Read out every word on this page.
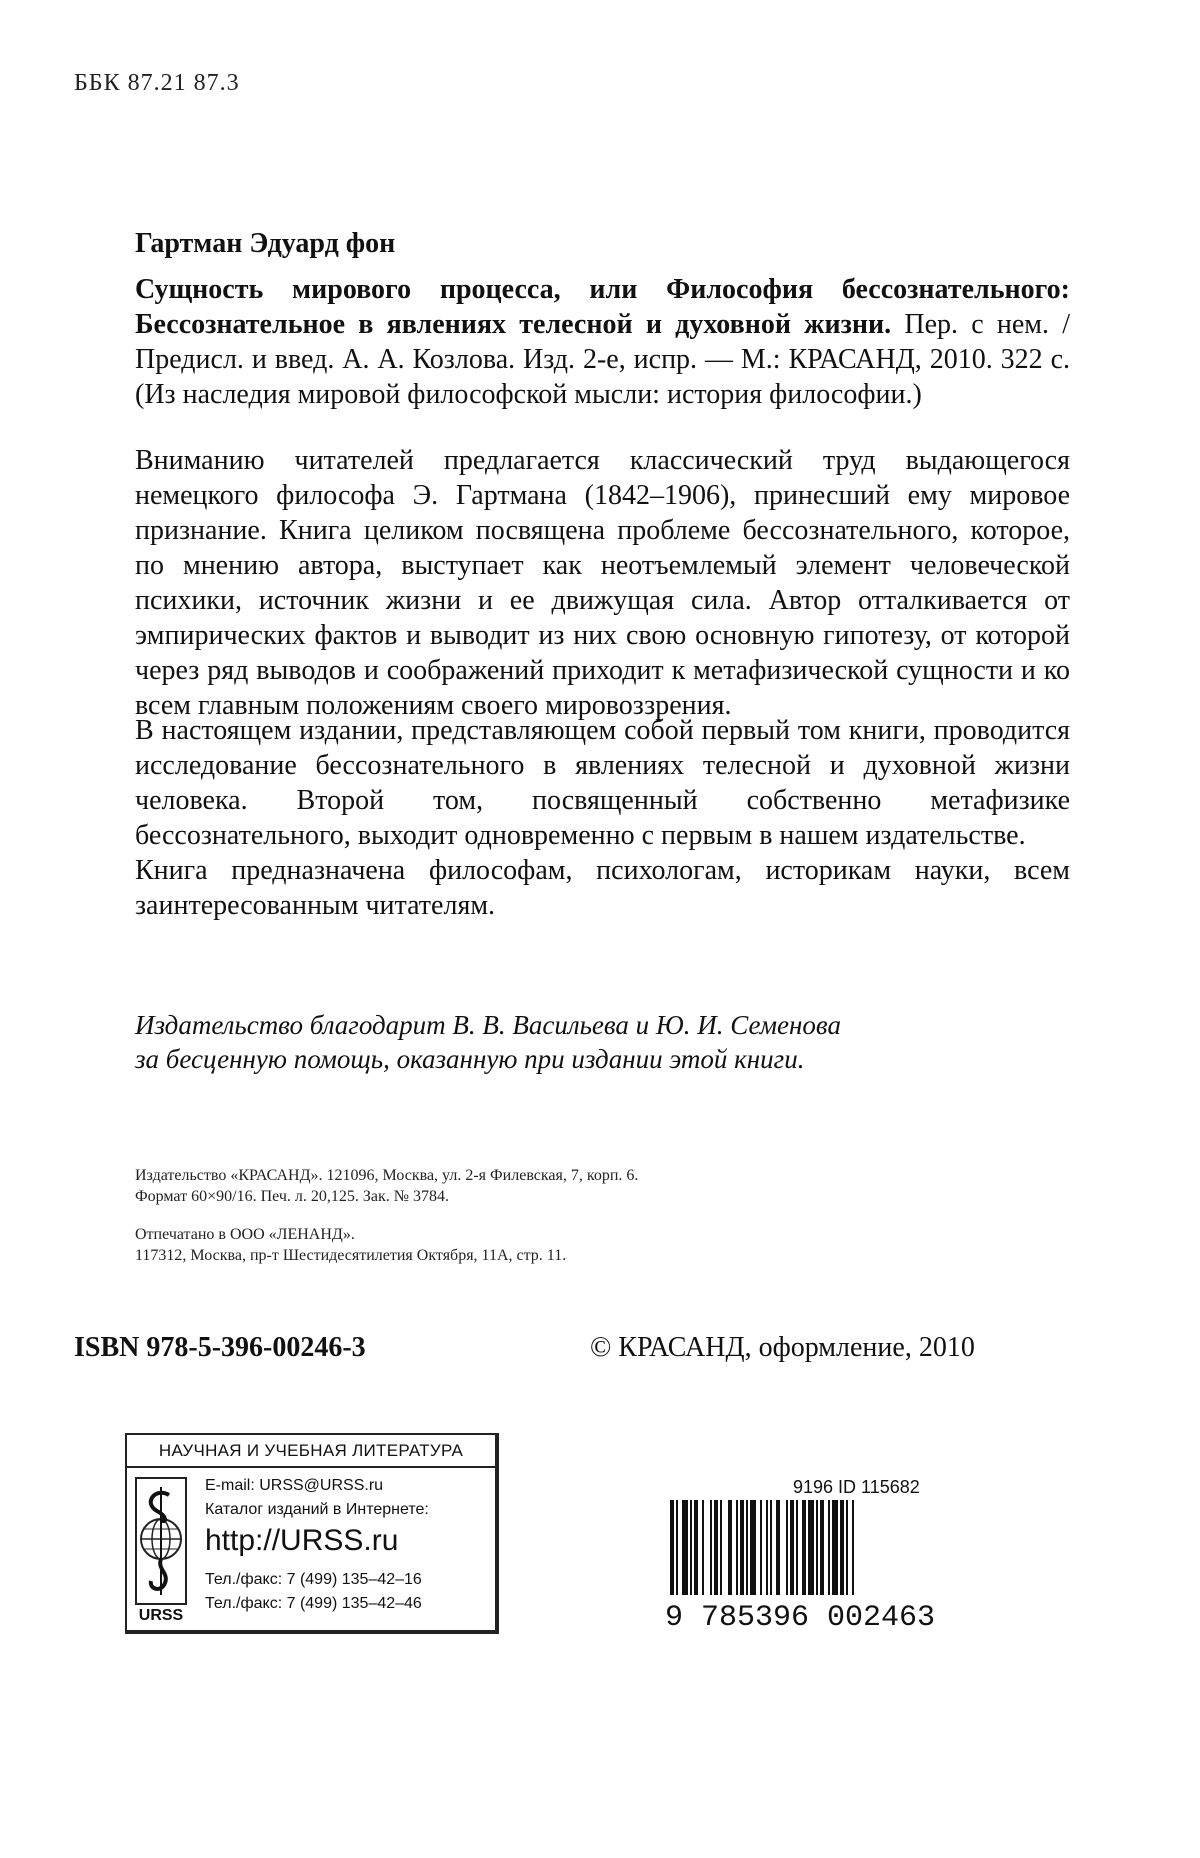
ББК 87.21 87.3
Гартман Эдуард фон
Сущность мирового процесса, или Философия бессознательного: Бессознательное в явлениях телесной и духовной жизни. Пер. с нем. / Предисл. и введ. А. А. Козлова. Изд. 2-е, испр. — М.: КРАСАНД, 2010. 322 с. (Из наследия мировой философской мысли: история философии.)
Вниманию читателей предлагается классический труд выдающегося немецкого философа Э. Гартмана (1842–1906), принесший ему мировое признание. Книга целиком посвящена проблеме бессознательного, которое, по мнению автора, выступает как неотъемлемый элемент человеческой психики, источник жизни и ее движущая сила. Автор отталкивается от эмпирических фактов и выводит из них свою основную гипотезу, от которой через ряд выводов и соображений приходит к метафизической сущности и ко всем главным положениям своего мировоззрения.
В настоящем издании, представляющем собой первый том книги, проводится исследование бессознательного в явлениях телесной и духовной жизни человека. Второй том, посвященный собственно метафизике бессознательного, выходит одновременно с первым в нашем издательстве.
Книга предназначена философам, психологам, историкам науки, всем заинтересованным читателям.
Издательство благодарит В. В. Васильева и Ю. И. Семенова
за бесценную помощь, оказанную при издании этой книги.
Издательство «КРАСАНД». 121096, Москва, ул. 2-я Филевская, 7, корп. 6.
Формат 60×90/16. Печ. л. 20,125. Зак. № 3784.
Отпечатано в ООО «ЛЕНАНД».
117312, Москва, пр-т Шестидесятилетия Октября, 11А, стр. 11.
ISBN 978-5-396-00246-3	© КРАСАНД, оформление, 2010
НАУЧНАЯ И УЧЕБНАЯ ЛИТЕРАТУРА
URSS
E-mail: URSS@URSS.ru
Каталог изданий в Интернете:
http://URSS.ru
Тел./факс: 7 (499) 135–42–16
Тел./факс: 7 (499) 135–42–46
9196 ID 115682
9 785396 002463
